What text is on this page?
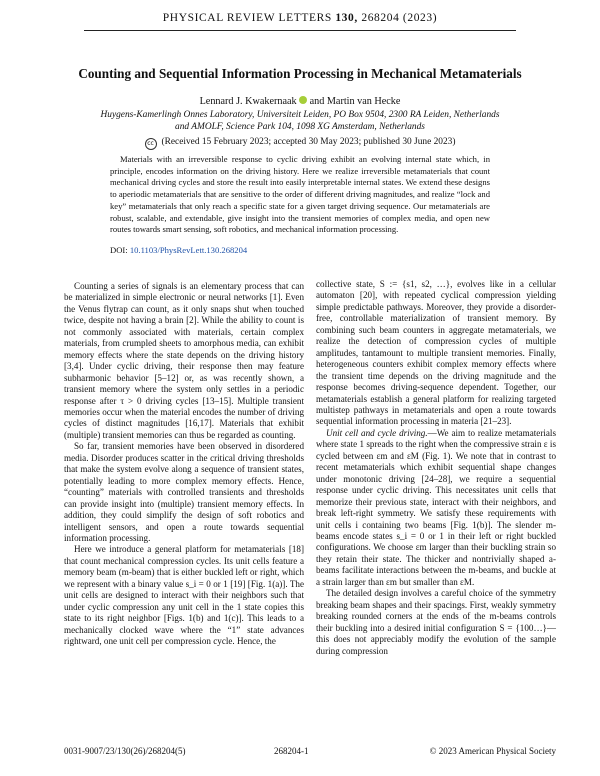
PHYSICAL REVIEW LETTERS 130, 268204 (2023)
Counting and Sequential Information Processing in Mechanical Metamaterials
Lennard J. Kwakernaak and Martin van Hecke
Huygens-Kamerlingh Onnes Laboratory, Universiteit Leiden, PO Box 9504, 2300 RA Leiden, Netherlands
and AMOLF, Science Park 104, 1098 XG Amsterdam, Netherlands
cc (Received 15 February 2023; accepted 30 May 2023; published 30 June 2023)
Materials with an irreversible response to cyclic driving exhibit an evolving internal state which, in principle, encodes information on the driving history. Here we realize irreversible metamaterials that count mechanical driving cycles and store the result into easily interpretable internal states. We extend these designs to aperiodic metamaterials that are sensitive to the order of different driving magnitudes, and realize “lock and key” metamaterials that only reach a specific state for a given target driving sequence. Our metamaterials are robust, scalable, and extendable, give insight into the transient memories of complex media, and open new routes towards smart sensing, soft robotics, and mechanical information processing.
DOI: 10.1103/PhysRevLett.130.268204

Counting a series of signals is an elementary process that can be materialized in simple electronic or neural networks [1]. Even the Venus flytrap can count, as it only snaps shut when touched twice, despite not having a brain [2]. While the ability to count is not commonly associated with materials, certain complex materials, from crumpled sheets to amorphous media, can exhibit memory effects where the state depends on the driving history [3,4]. Under cyclic driving, their response then may feature subharmonic behavior [5–12] or, as was recently shown, a transient memory where the system only settles in a periodic response after τ > 0 driving cycles [13–15]. Multiple transient memories occur when the material encodes the number of driving cycles of distinct magnitudes [16,17]. Materials that exhibit (multiple) transient memories can thus be regarded as counting.

So far, transient memories have been observed in disordered media. Disorder produces scatter in the critical driving thresholds that make the system evolve along a sequence of transient states, potentially leading to more complex memory effects. Hence, “counting” materials with controlled transients and thresholds can provide insight into (multiple) transient memory effects. In addition, they could simplify the design of soft robotics and intelligent sensors, and open a route towards sequential information processing.

Here we introduce a general platform for metamaterials [18] that count mechanical compression cycles. Its unit cells feature a memory beam (m-beam) that is either buckled left or right, which we represent with a binary value s_i = 0 or 1 [19] [Fig. 1(a)]. The unit cells are designed to interact with their neighbors such that under cyclic compression any unit cell in the 1 state copies this state to its right neighbor [Figs. 1(b) and 1(c)]. This leads to a mechanically clocked wave where the “1” state advances rightward, one unit cell per compression cycle. Hence, the

collective state, S := {s1, s2, …}, evolves like in a cellular automaton [20], with repeated cyclical compression yielding simple predictable pathways. Moreover, they provide a disorder-free, controllable materialization of transient memory. By combining such beam counters in aggregate metamaterials, we realize the detection of compression cycles of multiple amplitudes, tantamount to multiple transient memories. Finally, heterogeneous counters exhibit complex memory effects where the transient time depends on the driving magnitude and the response becomes driving-sequence dependent. Together, our metamaterials establish a general platform for realizing targeted multistep pathways in metamaterials and open a route towards sequential information processing in materia [21–23].

Unit cell and cycle driving.—We aim to realize metamaterials where state 1 spreads to the right when the compressive strain ε is cycled between εm and εM (Fig. 1). We note that in contrast to recent metamaterials which exhibit sequential shape changes under monotonic driving [24–28], we require a sequential response under cyclic driving. This necessitates unit cells that memorize their previous state, interact with their neighbors, and break left-right symmetry. We satisfy these requirements with unit cells i containing two beams [Fig. 1(b)]. The slender m-beams encode states s_i = 0 or 1 in their left or right buckled configurations. We choose εm larger than their buckling strain so they retain their state. The thicker and nontrivially shaped a-beams facilitate interactions between the m-beams, and buckle at a strain larger than εm but smaller than εM.

The detailed design involves a careful choice of the symmetry breaking beam shapes and their spacings. First, weakly symmetry breaking rounded corners at the ends of the m-beams controls their buckling into a desired initial configuration S = {100…}—this does not appreciably modify the evolution of the sample during compression

0031-9007/23/130(26)/268204(5)	268204-1	© 2023 American Physical Society
